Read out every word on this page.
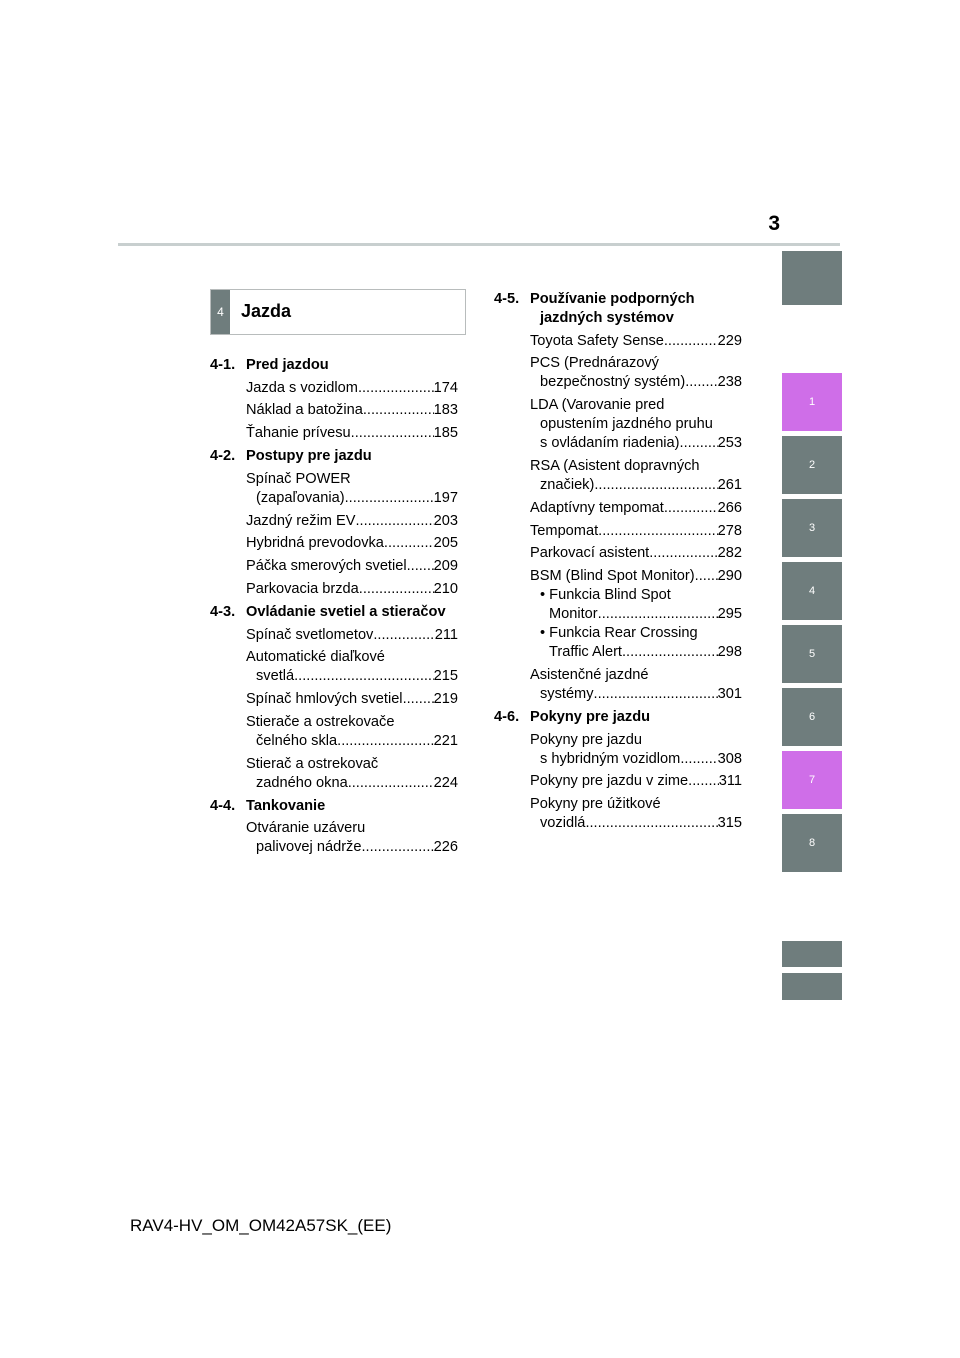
3
1
2
3
4
5
6
7
8
4 Jazda
4-1. Pred jazdou
Jazda s vozidlom .....	174
Náklad a batožina .....	183
Ťahanie prívesu .....	185
4-2. Postupy pre jazdu
Spínač POWER
(zapaľovania) .....	197
Jazdný režim EV .....	203
Hybridná prevodovka .....	205
Páčka smerových svetiel ..... 209
Parkovacia brzda .....	210
4-3. Ovládanie svetiel a stieračov
Spínač svetlometov .....	211
Automatické diaľkové
svetlá .....	215
Spínač hmlových svetiel ..... 219
Stierače a ostrekovače
čelného skla .....	221
Stierač a ostrekovač
zadného okna .....	224
4-4. Tankovanie
Otváranie uzáveru
palivovej nádrže .....	226
4-5. Používanie podporných
jazdných systémov
Toyota Safety Sense .....	229
PCS (Prednárazový
bezpečnostný systém) ..... 238
LDA (Varovanie pred
opustením jazdného pruhu
s ovládaním riadenia) .....	253
RSA (Asistent dopravných
značiek) .....	261
Adaptívny tempomat .....	266
Tempomat .....	278
Parkovací asistent .....	282
BSM (Blind Spot Monitor) ..... 290
• Funkcia Blind Spot
Monitor .....	295
• Funkcia Rear Crossing
Traffic Alert .....	298
Asistenčné jazdné
systémy .....	301
4-6. Pokyny pre jazdu
Pokyny pre jazdu
s hybridným vozidlom .....	308
Pokyny pre jazdu v zime ..... 311
Pokyny pre úžitkové
vozidlá .....	315
RAV4-HV_OM_OM42A57SK_(EE)
